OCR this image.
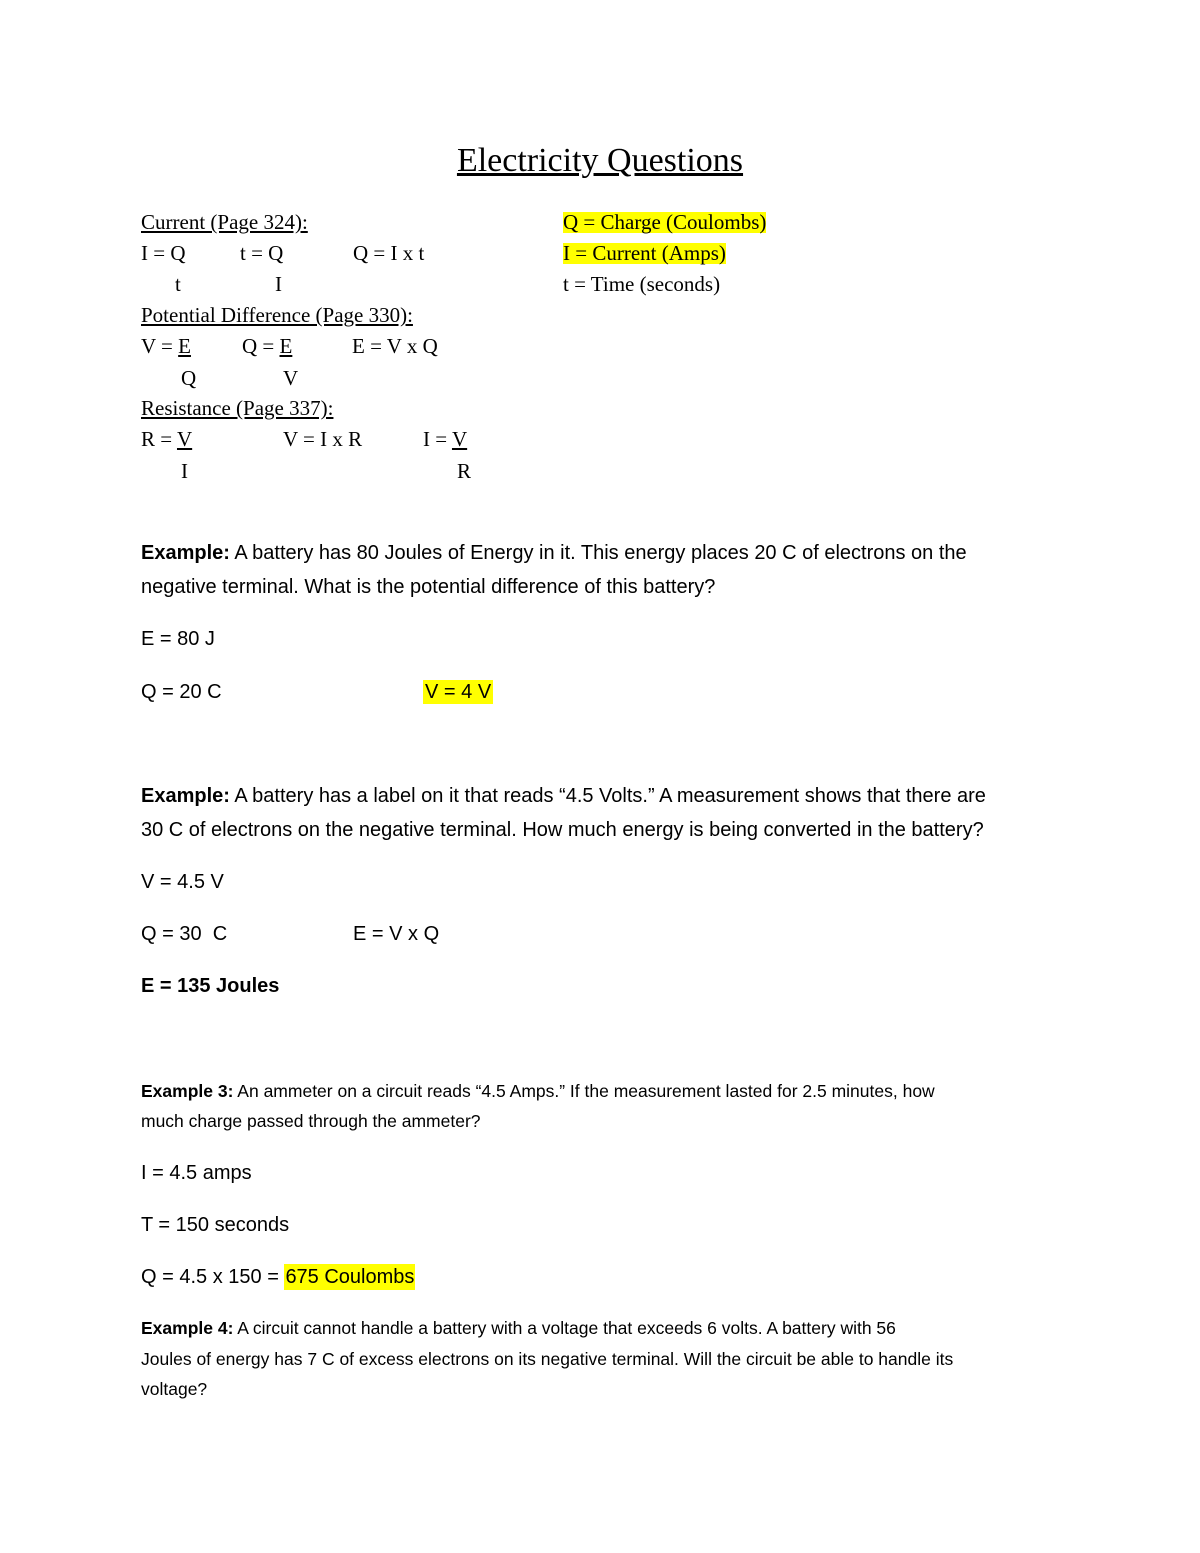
Electricity Questions
Current (Page 324):
I = Q
t
t = Q
I
Q = I x t
Q = Charge (Coulombs)
I = Current (Amps)
t = Time (seconds)
Potential Difference (Page 330):
V = E
Q
Q = E
V
E = V x Q
Resistance (Page 337):
R = V
I
V = I x R	I = V
R
Example: A battery has 80 Joules of Energy in it. This energy places 20 C of electrons on the
negative terminal. What is the potential difference of this battery?
E = 80 J
Q = 20 C	V = 4 V
Example: A battery has a label on it that reads “4.5 Volts.” A measurement shows that there are
30 C of electrons on the negative terminal. How much energy is being converted in the battery?
V = 4.5 V
Q = 30  C	E = V x Q
E = 135 Joules
Example 3: An ammeter on a circuit reads “4.5 Amps.” If the measurement lasted for 2.5 minutes, how
much charge passed through the ammeter?
I = 4.5 amps
T = 150 seconds
Q = 4.5 x 150 = 675 Coulombs
Example 4: A circuit cannot handle a battery with a voltage that exceeds 6 volts. A battery with 56
Joules of energy has 7 C of excess electrons on its negative terminal. Will the circuit be able to handle its
voltage?
